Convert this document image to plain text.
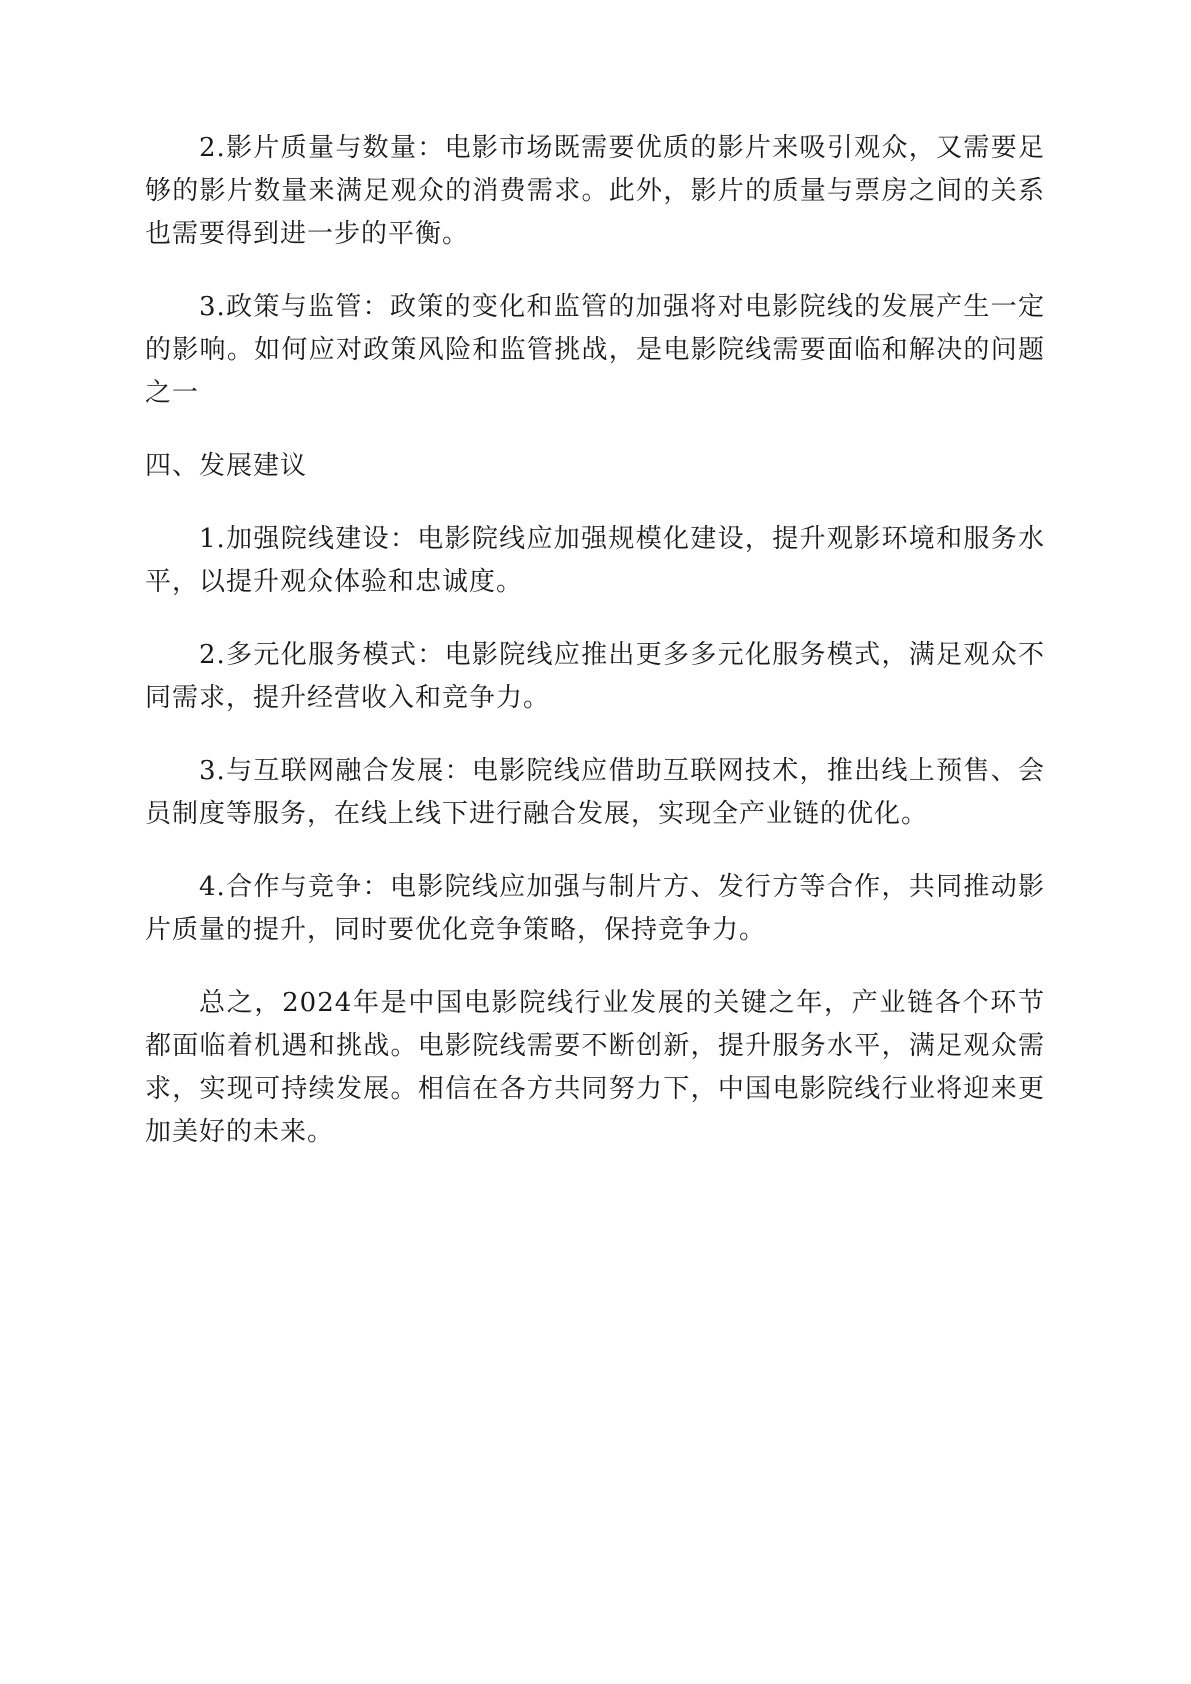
2.影片质量与数量：电影市场既需要优质的影片来吸引观众，又需要足够的影片数量来满足观众的消费需求。此外，影片的质量与票房之间的关系也需要得到进一步的平衡。

3.政策与监管：政策的变化和监管的加强将对电影院线的发展产生一定的影响。如何应对政策风险和监管挑战，是电影院线需要面临和解决的问题之一

四、发展建议

1.加强院线建设：电影院线应加强规模化建设，提升观影环境和服务水平，以提升观众体验和忠诚度。

2.多元化服务模式：电影院线应推出更多多元化服务模式，满足观众不同需求，提升经营收入和竞争力。

3.与互联网融合发展：电影院线应借助互联网技术，推出线上预售、会员制度等服务，在线上线下进行融合发展，实现全产业链的优化。

4.合作与竞争：电影院线应加强与制片方、发行方等合作，共同推动影片质量的提升，同时要优化竞争策略，保持竞争力。

总之，2024年是中国电影院线行业发展的关键之年，产业链各个环节都面临着机遇和挑战。电影院线需要不断创新，提升服务水平，满足观众需求，实现可持续发展。相信在各方共同努力下，中国电影院线行业将迎来更加美好的未来。
